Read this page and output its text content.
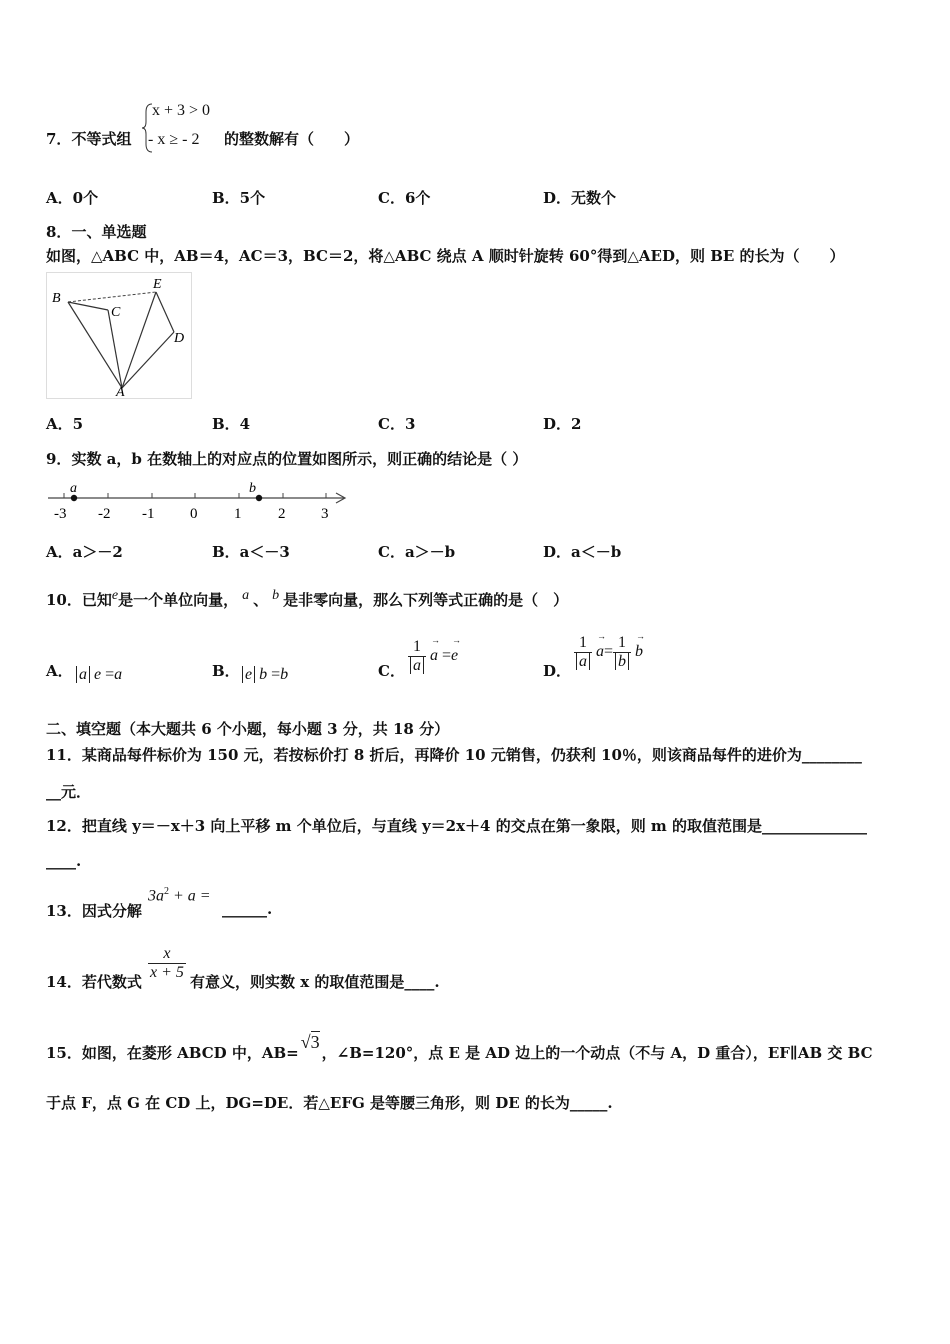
7．不等式组
x + 3 > 0
- x ≥ - 2 的整数解有（　　）
A．0个	B．5个	C．6个	D．无数个
8．一、单选题
如图，△ABC 中，AB＝4，AC＝3，BC＝2，将△ABC 绕点 A 顺时针旋转 60°得到△AED，则 BE 的长为（　　）
B
C
E
D
A
A．5	B．4	C．3	D．2
9．实数 a，b 在数轴上的对应点的位置如图所示，则正确的结论是（ ）
a	b
-3 -2 -1 0 1 2 3
A．a＞－2	B．a＜－3	C．a＞－b	D．a＜－b
10．已知$^e$是一个单位向量， $^a$ 、 $^b$ 是非零向量，那么下列等式正确的是（　）
A． a e =a	B． e b =b	C． $\frac{1}{a}$
→ a =→ e
D．
$\frac{1}{a}$
→ $a= \frac{1}{b}$
→ b
二、填空题（本大题共 6 个小题，每小题 3 分，共 18 分）
11．某商品每件标价为 150 元，若按标价打 8 折后，再降价 10 元销售，仍获利 10％，则该商品每件的进价为________
__元．
12．把直线 y＝－x＋3 向上平移 m 个单位后，与直线 y＝2x＋4 的交点在第一象限，则 m 的取值范围是______________
____.
13．因式分解
$3a^2 + a$ =
______.
14．若代数式
$\frac{x}{x + 5}$
有意义，则实数 x 的取值范围是____.
15．如图，在菱形 ABCD 中，AB=√3，∠B=120°，点 E 是 AD 边上的一个动点（不与 A，D 重合），EF∥AB 交 BC
于点 F，点 G 在 CD 上，DG=DE．若△EFG 是等腰三角形，则 DE 的长为_____.
